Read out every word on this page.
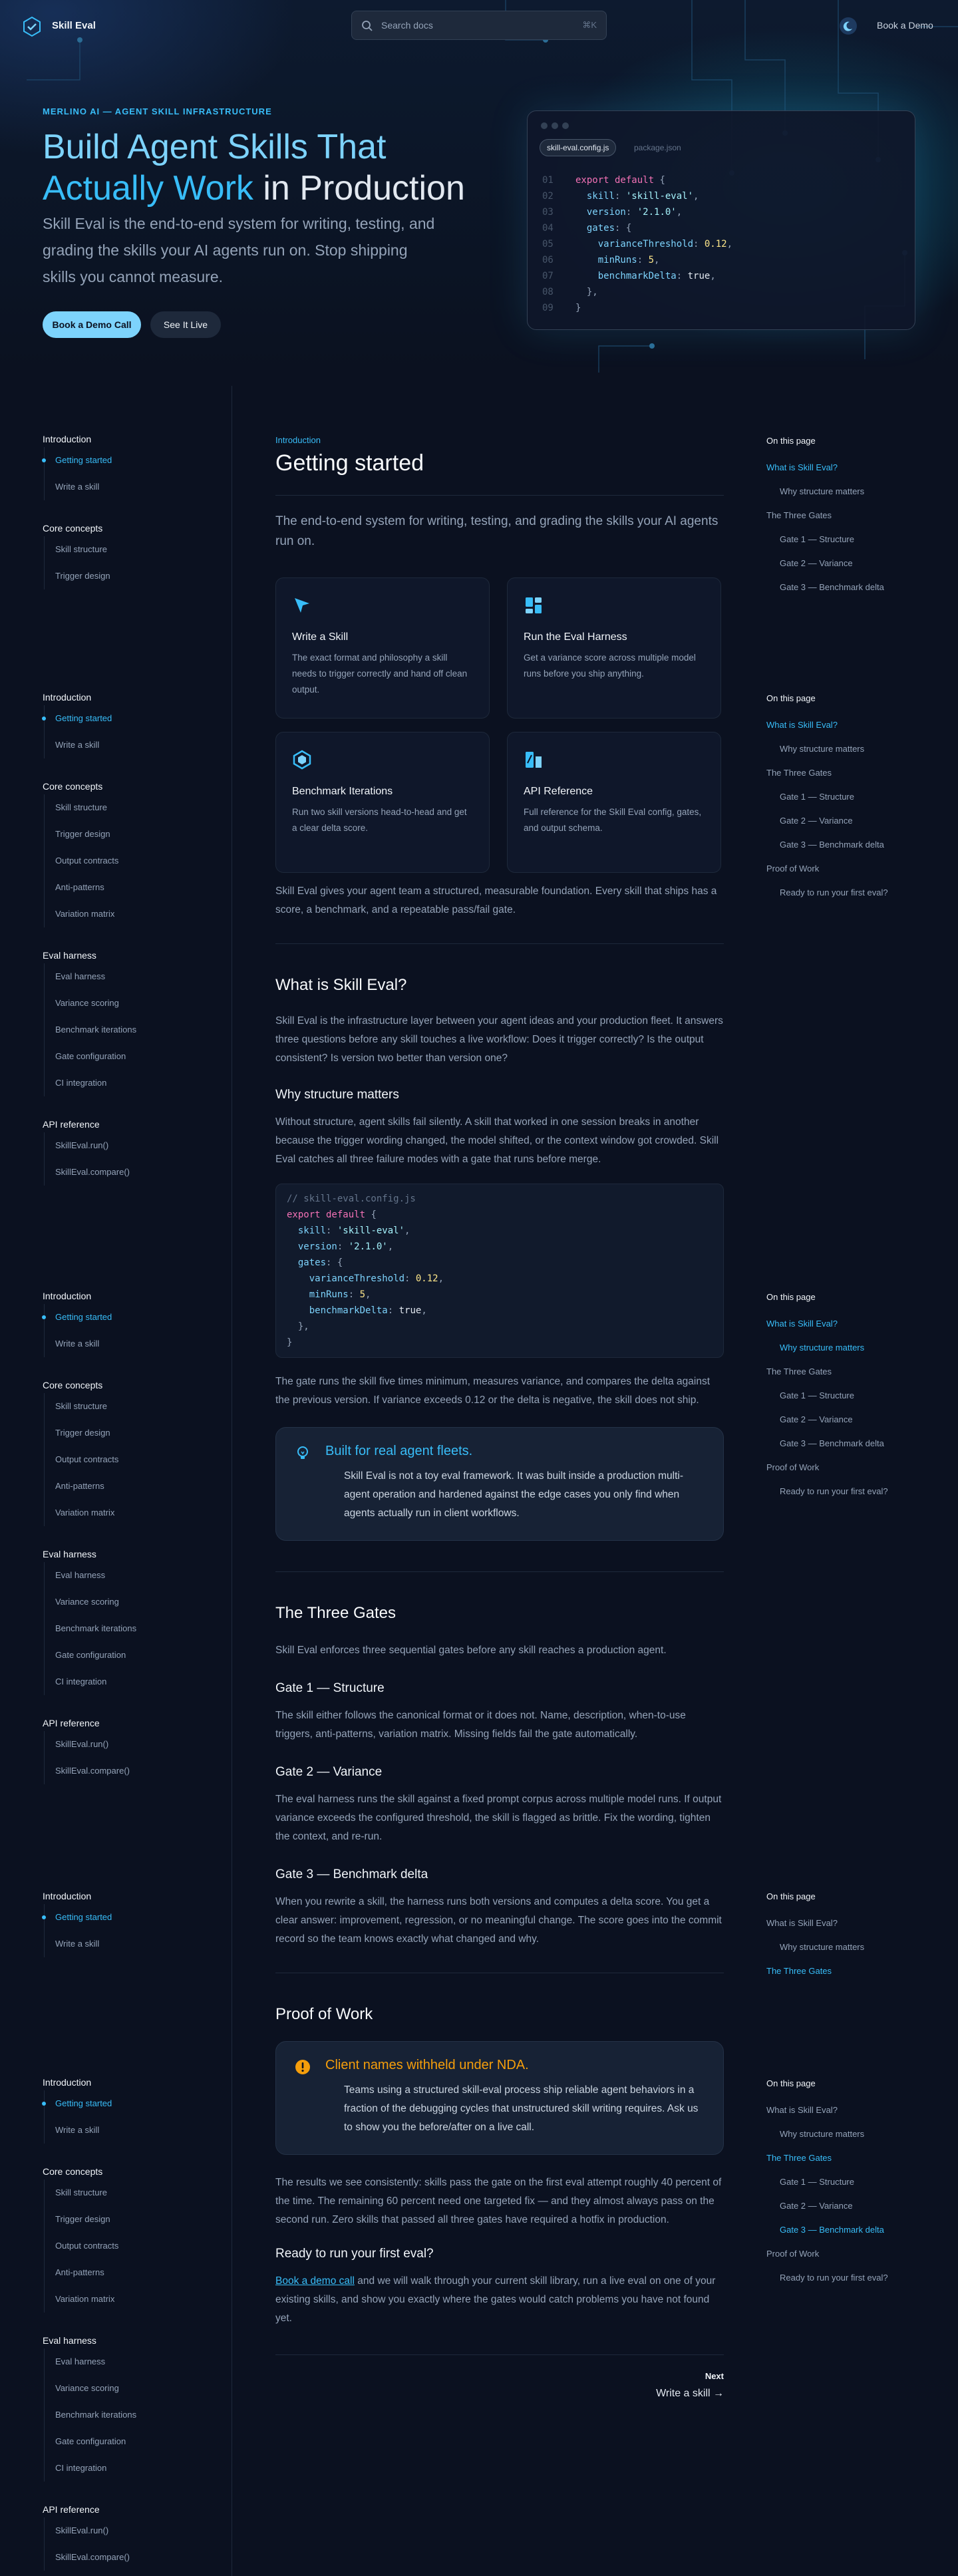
Skill Eval	Search docs	⌘K	Book a Demo
MERLINO AI — AGENT SKILL INFRASTRUCTURE
Build Agent Skills That
Actually Work in Production
Skill Eval is the end-to-end system for writing, testing, and grading the skills your AI agents run on. Stop shipping skills you cannot measure.
Book a Demo Call	See It Live
skill-eval.config.js	package.json
01 export default {
02	skill: 'skill-eval',
03	version: '2.1.0',
04	gates: {
05	varianceThreshold: 0.12,
06	minRuns: 5,
07	benchmarkDelta: true,
08	},
09 }
Introduction
Getting started
Write a skill
Core concepts
Skill structure
Trigger design
Introduction
Getting started
Write a skill
Core concepts
Skill structure
Trigger design
Output contracts
Anti-patterns
Variation matrix
Eval harness
Eval harness
Variance scoring
Benchmark iterations
Gate configuration
CI integration
API reference
SkillEval.run()
SkillEval.compare()
Introduction
Getting started
Write a skill
Core concepts
Skill structure
Trigger design
Output contracts
Anti-patterns
Variation matrix
Eval harness
Eval harness
Variance scoring
Benchmark iterations
Gate configuration
CI integration
API reference
SkillEval.run()
SkillEval.compare()
Introduction
Getting started
Write a skill
Introduction
Getting started
Write a skill
Core concepts
Skill structure
Trigger design
Output contracts
Anti-patterns
Variation matrix
Eval harness
Eval harness
Variance scoring
Benchmark iterations
Gate configuration
CI integration
API reference
SkillEval.run()
SkillEval.compare()
On this page
What is Skill Eval?
Why structure matters
The Three Gates
Gate 1 — Structure
Gate 2 — Variance
Gate 3 — Benchmark delta
On this page
What is Skill Eval?
Why structure matters
The Three Gates
Gate 1 — Structure
Gate 2 — Variance
Gate 3 — Benchmark delta
Proof of Work
Ready to run your first eval?
On this page
What is Skill Eval?
Why structure matters
The Three Gates
Gate 1 — Structure
Gate 2 — Variance
Gate 3 — Benchmark delta
Proof of Work
Ready to run your first eval?
On this page
What is Skill Eval?
Why structure matters
The Three Gates
On this page
What is Skill Eval?
Why structure matters
The Three Gates
Gate 1 — Structure
Gate 2 — Variance
Gate 3 — Benchmark delta
Proof of Work
Ready to run your first eval?
Introduction
Getting started
The end-to-end system for writing, testing, and grading the skills your AI agents run on.
Write a Skill
The exact format and philosophy a skill needs to trigger correctly and hand off clean output.
Run the Eval Harness
Get a variance score across multiple model runs before you ship anything.
Benchmark Iterations
Run two skill versions head-to-head and get a clear delta score.
API Reference
Full reference for the Skill Eval config, gates, and output schema.
Skill Eval gives your agent team a structured, measurable foundation. Every skill that ships has a score, a benchmark, and a repeatable pass/fail gate.
What is Skill Eval?
Skill Eval is the infrastructure layer between your agent ideas and your production fleet. It answers three questions before any skill touches a live workflow: Does it trigger correctly? Is the output consistent? Is version two better than version one?
Why structure matters
Without structure, agent skills fail silently. A skill that worked in one session breaks in another because the trigger wording changed, the model shifted, or the context window got crowded. Skill Eval catches all three failure modes with a gate that runs before merge.
// skill-eval.config.js
export default {
skill: 'skill-eval',
version: '2.1.0',
gates: {
varianceThreshold: 0.12,
minRuns: 5,
benchmarkDelta: true,
},
}
The gate runs the skill five times minimum, measures variance, and compares the delta against the previous version. If variance exceeds 0.12 or the delta is negative, the skill does not ship.
Built for real agent fleets.
Skill Eval is not a toy eval framework. It was built inside a production multi-agent operation and hardened against the edge cases you only find when agents actually run in client workflows.
The Three Gates
Skill Eval enforces three sequential gates before any skill reaches a production agent.
Gate 1 — Structure
The skill either follows the canonical format or it does not. Name, description, when-to-use triggers, anti-patterns, variation matrix. Missing fields fail the gate automatically.
Gate 2 — Variance
The eval harness runs the skill against a fixed prompt corpus across multiple model runs. If output variance exceeds the configured threshold, the skill is flagged as brittle. Fix the wording, tighten the context, and re-run.
Gate 3 — Benchmark delta
When you rewrite a skill, the harness runs both versions and computes a delta score. You get a clear answer: improvement, regression, or no meaningful change. The score goes into the commit record so the team knows exactly what changed and why.
Proof of Work
Client names withheld under NDA.
Teams using a structured skill-eval process ship reliable agent behaviors in a fraction of the debugging cycles that unstructured skill writing requires. Ask us to show you the before/after on a live call.
The results we see consistently: skills pass the gate on the first eval attempt roughly 40 percent of the time. The remaining 60 percent need one targeted fix — and they almost always pass on the second run. Zero skills that passed all three gates have required a hotfix in production.
Ready to run your first eval?
Book a demo call and we will walk through your current skill library, run a live eval on one of your existing skills, and show you exactly where the gates would catch problems you have not found yet.
Next
Write a skill →
